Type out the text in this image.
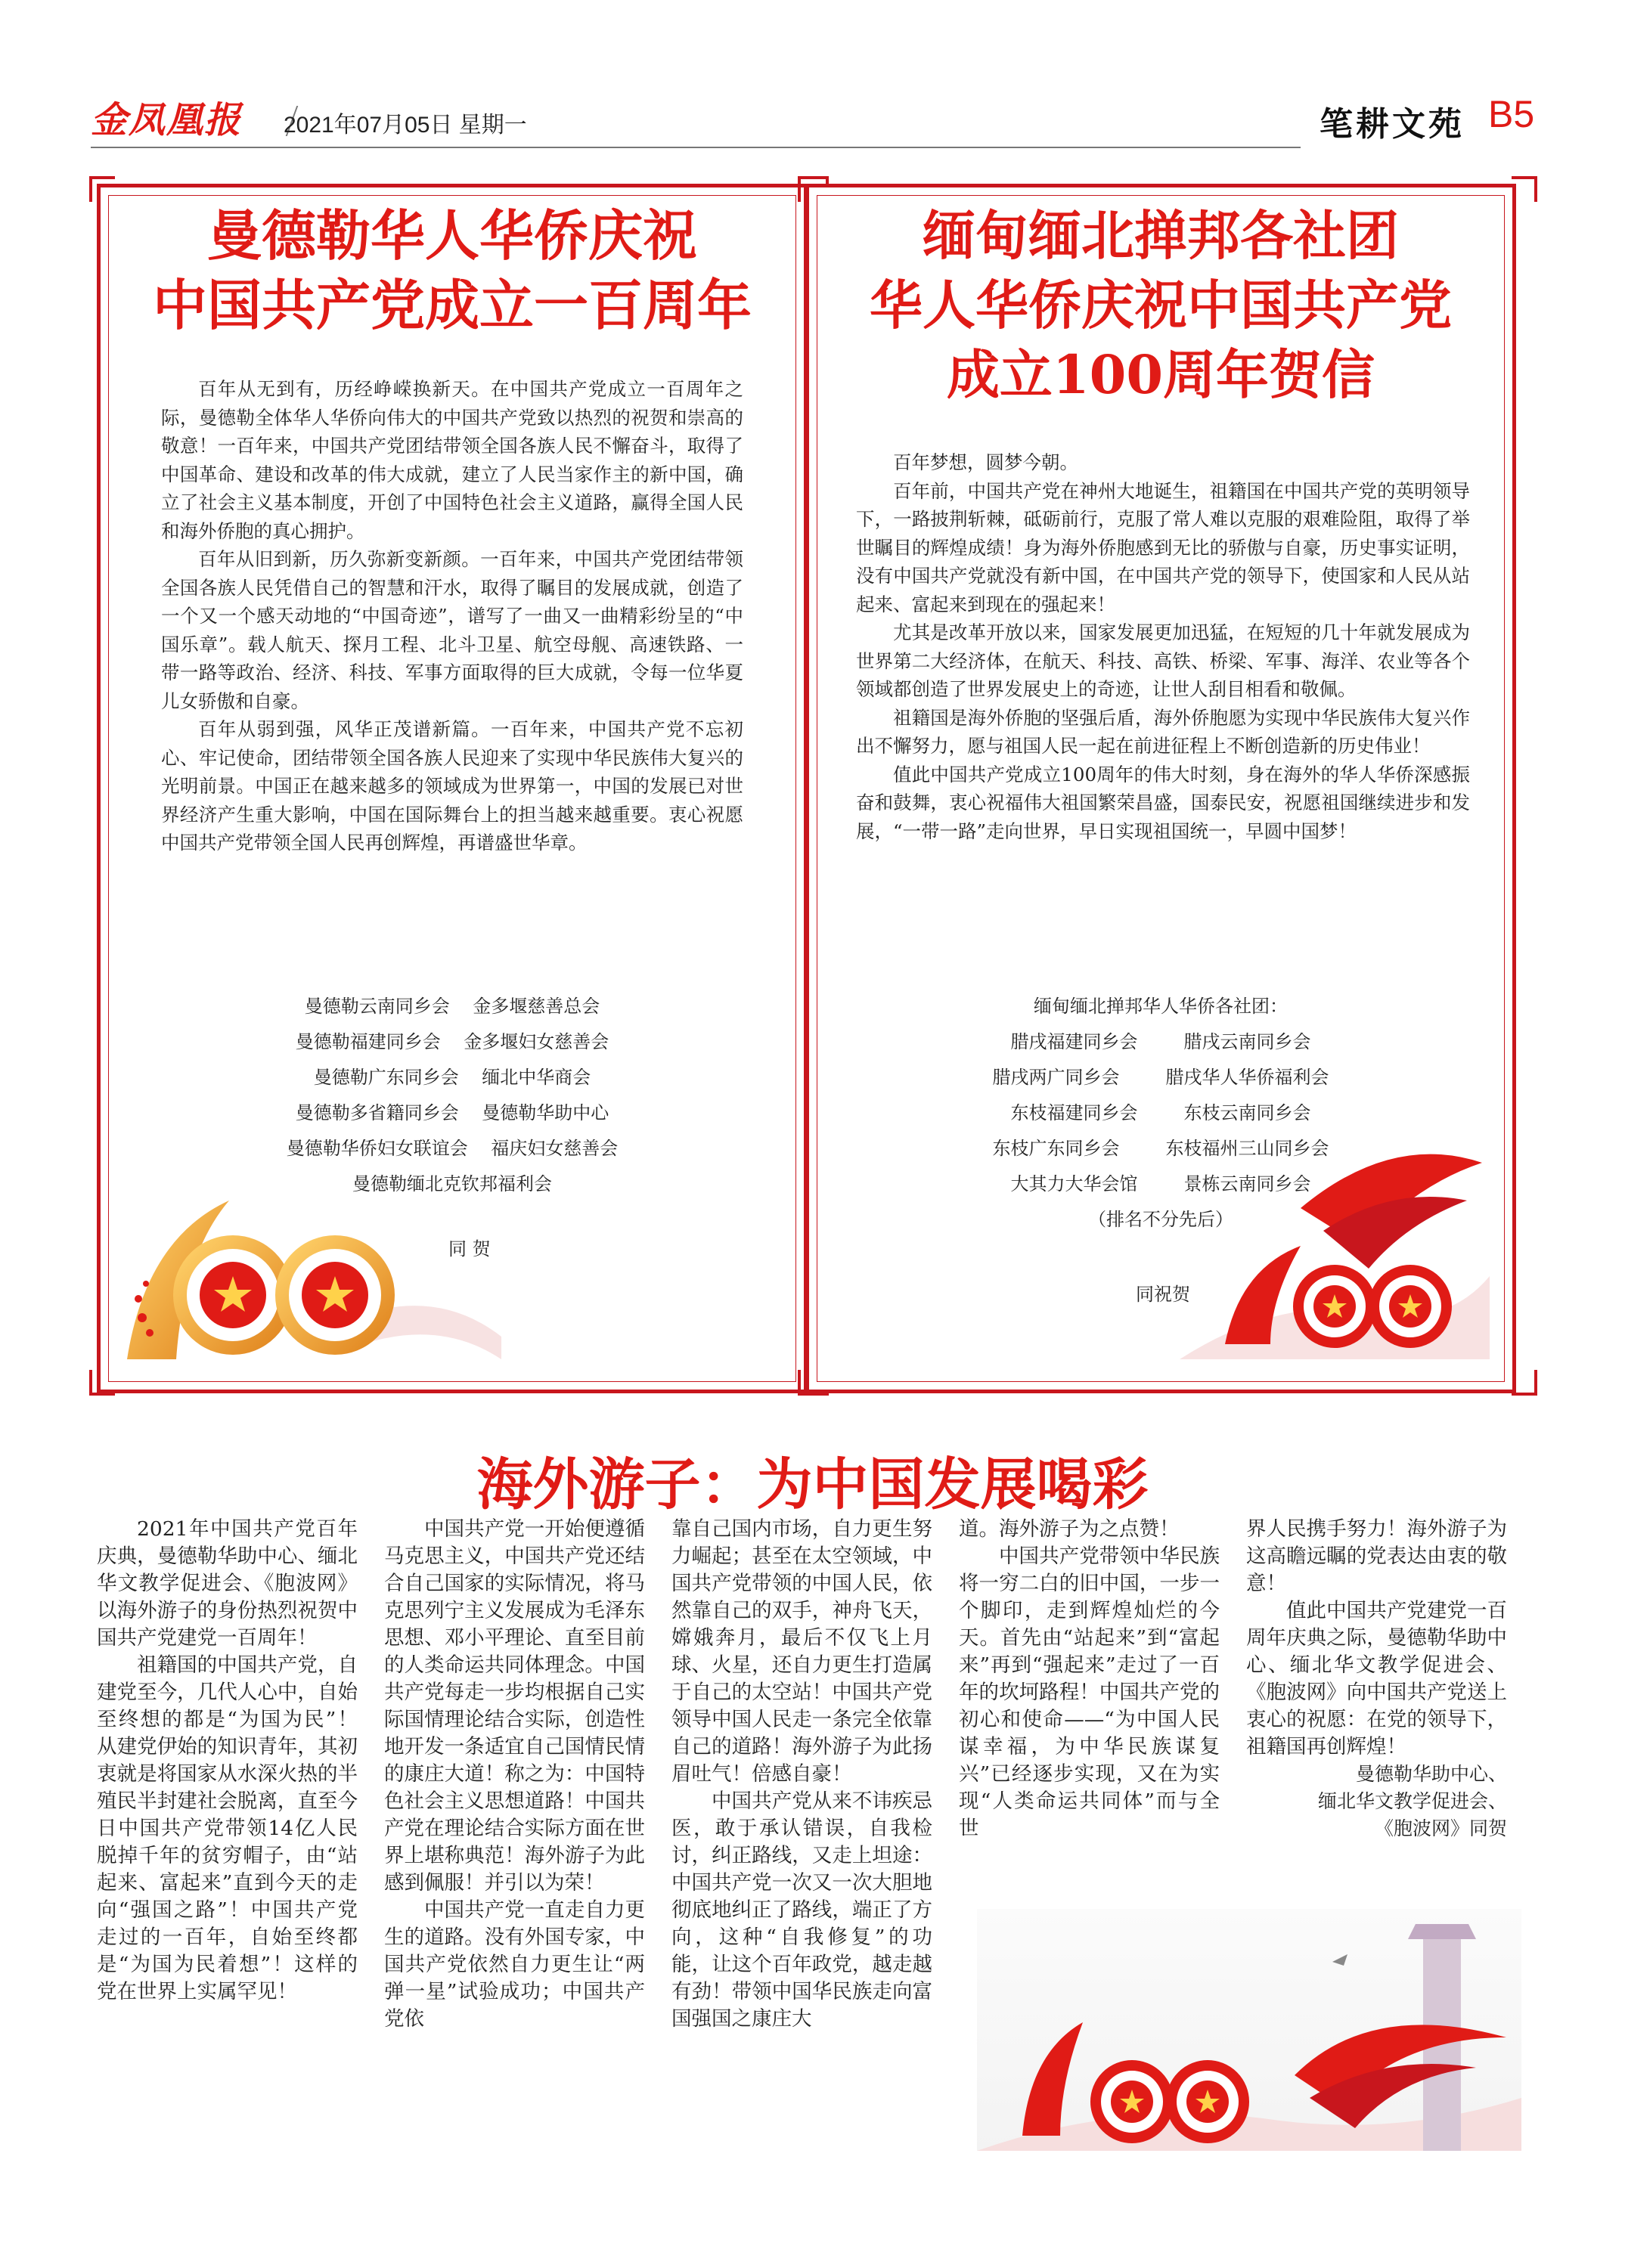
金凤凰报	2021年07月05日 星期一	笔耕文苑 B5
曼德勒华人华侨庆祝
中国共产党成立一百周年

百年从无到有，历经峥嵘换新天。在中国共产党成立一百周年之际，曼德勒全体华人华侨向伟大的中国共产党致以热烈的祝贺和崇高的敬意！一百年来，中国共产党团结带领全国各族人民不懈奋斗，取得了中国革命、建设和改革的伟大成就，建立了人民当家作主的新中国，确立了社会主义基本制度，开创了中国特色社会主义道路，赢得全国人民和海外侨胞的真心拥护。

百年从旧到新，历久弥新变新颜。一百年来，中国共产党团结带领全国各族人民凭借自己的智慧和汗水，取得了瞩目的发展成就，创造了一个又一个感天动地的“中国奇迹”，谱写了一曲又一曲精彩纷呈的“中国乐章”。载人航天、探月工程、北斗卫星、航空母舰、高速铁路、一带一路等政治、经济、科技、军事方面取得的巨大成就，令每一位华夏儿女骄傲和自豪。

百年从弱到强，风华正茂谱新篇。一百年来，中国共产党不忘初心、牢记使命，团结带领全国各族人民迎来了实现中华民族伟大复兴的光明前景。中国正在越来越多的领域成为世界第一，中国的发展已对世界经济产生重大影响，中国在国际舞台上的担当越来越重要。衷心祝愿中国共产党带领全国人民再创辉煌，再谱盛世华章。

曼德勒云南同乡会    金多堰慈善总会
曼德勒福建同乡会    金多堰妇女慈善会
曼德勒广东同乡会    缅北中华商会
曼德勒多省籍同乡会    曼德勒华助中心
曼德勒华侨妇女联谊会    福庆妇女慈善会
曼德勒缅北克钦邦福利会
同 贺
缅甸缅北掸邦各社团
华人华侨庆祝中国共产党
成立100周年贺信

百年梦想，圆梦今朝。

百年前，中国共产党在神州大地诞生，祖籍国在中国共产党的英明领导下，一路披荆斩棘，砥砺前行，克服了常人难以克服的艰难险阻，取得了举世瞩目的辉煌成绩！身为海外侨胞感到无比的骄傲与自豪，历史事实证明，没有中国共产党就没有新中国，在中国共产党的领导下，使国家和人民从站起来、富起来到现在的强起来！

尤其是改革开放以来，国家发展更加迅猛，在短短的几十年就发展成为世界第二大经济体，在航天、科技、高铁、桥梁、军事、海洋、农业等各个领域都创造了世界发展史上的奇迹，让世人刮目相看和敬佩。

祖籍国是海外侨胞的坚强后盾，海外侨胞愿为实现中华民族伟大复兴作出不懈努力，愿与祖国人民一起在前进征程上不断创造新的历史伟业！

值此中国共产党成立100周年的伟大时刻，身在海外的华人华侨深感振奋和鼓舞，衷心祝福伟大祖国繁荣昌盛，国泰民安，祝愿祖国继续进步和发展，“一带一路”走向世界，早日实现祖国统一，早圆中国梦！

缅甸缅北掸邦华人华侨各社团：
腊戌福建同乡会        腊戌云南同乡会
腊戌两广同乡会        腊戌华人华侨福利会
东枝福建同乡会        东枝云南同乡会
东枝广东同乡会        东枝福州三山同乡会
大其力大华会馆        景栋云南同乡会
（排名不分先后）
同祝贺
海外游子：为中国发展喝彩

2021年中国共产党百年庆典，曼德勒华助中心、缅北华文教学促进会、《胞波网》以海外游子的身份热烈祝贺中国共产党建党一百周年！

祖籍国的中国共产党，自建党至今，几代人心中，自始至终想的都是“为国为民”！从建党伊始的知识青年，其初衷就是将国家从水深火热的半殖民半封建社会脱离，直至今日中国共产党带领14亿人民脱掉千年的贫穷帽子，由“站起来、富起来”直到今天的走向“强国之路”！中国共产党走过的一百年，自始至终都是“为国为民着想”！这样的党在世界上实属罕见！

中国共产党一开始便遵循马克思主义，中国共产党还结合自己国家的实际情况，将马克思列宁主义发展成为毛泽东思想、邓小平理论、直至目前的人类命运共同体理念。中国共产党每走一步均根据自己实际国情理论结合实际，创造性地开发一条适宜自己国情民情的康庄大道！称之为：中国特色社会主义思想道路！中国共产党在理论结合实际方面在世界上堪称典范！海外游子为此感到佩服！并引以为荣！

中国共产党一直走自力更生的道路。没有外国专家，中国共产党依然自力更生让“两弹一星”试验成功；中国共产党依

靠自己国内市场，自力更生努力崛起；甚至在太空领域，中国共产党带领的中国人民，依然靠自己的双手，神舟飞天，嫦娥奔月，最后不仅飞上月球、火星，还自力更生打造属于自己的太空站！中国共产党领导中国人民走一条完全依靠自己的道路！海外游子为此扬眉吐气！倍感自豪！

中国共产党从来不讳疾忌医，敢于承认错误，自我检讨，纠正路线，又走上坦途：中国共产党一次又一次大胆地彻底地纠正了路线，端正了方向，这种“自我修复”的功能，让这个百年政党，越走越有劲！带领中国华民族走向富国强国之康庄大

道。海外游子为之点赞！

中国共产党带领中华民族将一穷二白的旧中国，一步一个脚印，走到辉煌灿烂的今天。首先由“站起来”到“富起来”再到“强起来”走过了一百年的坎坷路程！中国共产党的初心和使命——“为中国人民谋幸福，为中华民族谋复兴”已经逐步实现，又在为实现“人类命运共同体”而与全世

界人民携手努力！海外游子为这高瞻远瞩的党表达由衷的敬意！

值此中国共产党建党一百周年庆典之际，曼德勒华助中心、缅北华文教学促进会、《胞波网》向中国共产党送上衷心的祝愿：在党的领导下，祖籍国再创辉煌！

曼德勒华助中心、
缅北华文教学促进会、
《胞波网》同贺
